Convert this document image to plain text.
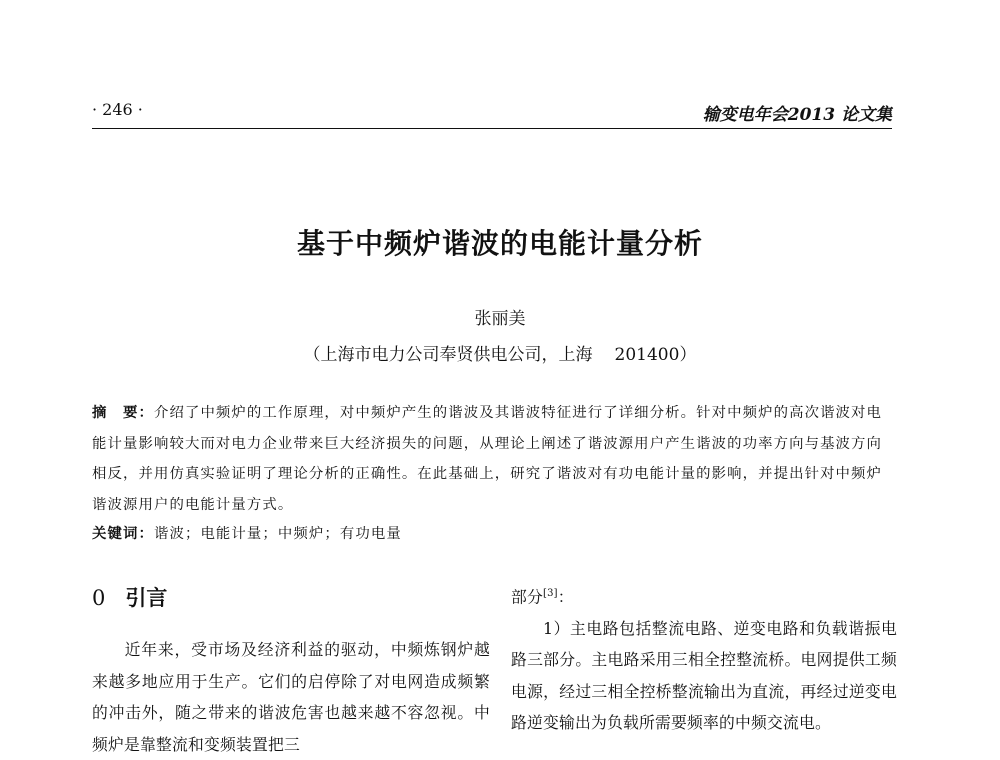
· 246 ·	输变电年会2013 论文集
基于中频炉谐波的电能计量分析
张丽美
（上海市电力公司奉贤供电公司，上海 201400）
摘　要：介绍了中频炉的工作原理，对中频炉产生的谐波及其谐波特征进行了详细分析。针对中频炉的高次谐波对电能计量影响较大而对电力企业带来巨大经济损失的问题，从理论上阐述了谐波源用户产生谐波的功率方向与基波方向相反，并用仿真实验证明了理论分析的正确性。在此基础上，研究了谐波对有功电能计量的影响，并提出针对中频炉谐波源用户的电能计量方式。
关键词：谐波；电能计量；中频炉；有功电量
0 引言
近年来，受市场及经济利益的驱动，中频炼钢炉越来越多地应用于生产。它们的启停除了对电网造成频繁的冲击外，随之带来的谐波危害也越来越不容忽视。中频炉是靠整流和变频装置把三
部分[3]：
1）主电路包括整流电路、逆变电路和负载谐振电路三部分。主电路采用三相全控整流桥。电网提供工频电源，经过三相全控桥整流输出为直流，再经过逆变电路逆变输出为负载所需要频率的中频交流电。
